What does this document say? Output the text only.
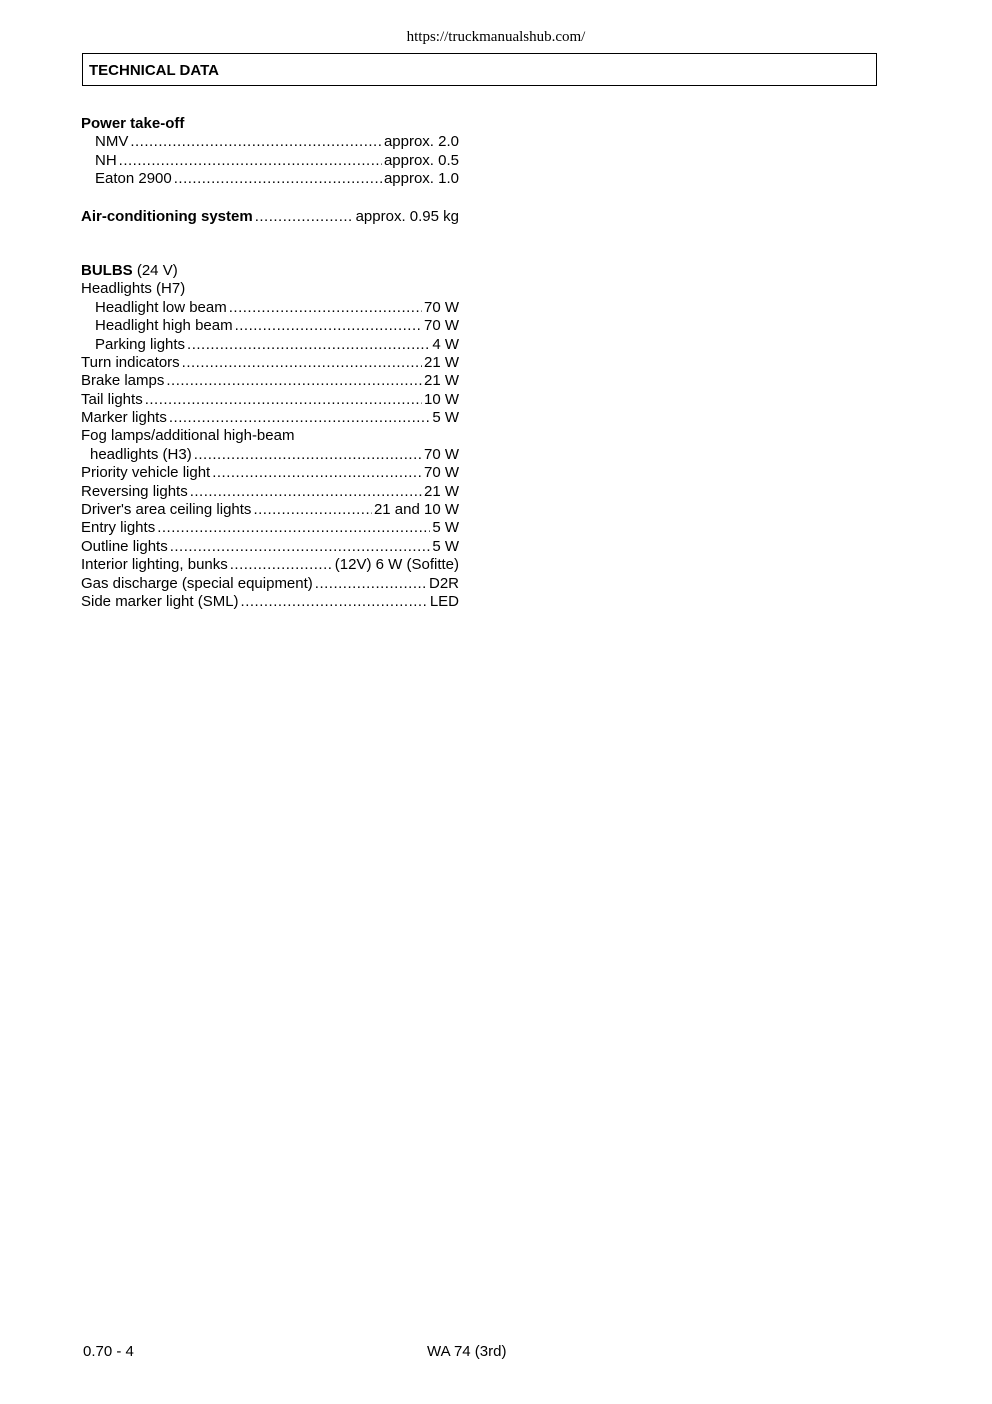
https://truckmanualshub.com/
TECHNICAL DATA
Power take-off
NMV .....	approx. 2.0
NH .....	approx. 0.5
Eaton 2900 .....	approx. 1.0
Air-conditioning system .....	approx. 0.95 kg
BULBS (24 V)
Headlights (H7)
Headlight low beam .....	70 W
Headlight high beam .....	70 W
Parking lights .....	4 W
Turn indicators .....	21 W
Brake lamps .....	21 W
Tail lights .....	10 W
Marker lights .....	5 W
Fog lamps/additional high-beam
headlights (H3) .....	70 W
Priority vehicle light .....	70 W
Reversing lights .....	21 W
Driver's area ceiling lights .....	21 and 10 W
Entry lights .....	5 W
Outline lights .....	5 W
Interior lighting, bunks .....	(12V) 6 W (Sofitte)
Gas discharge (special equipment) .....	D2R
Side marker light (SML) .....	LED
0.70 - 4	WA 74 (3rd)
